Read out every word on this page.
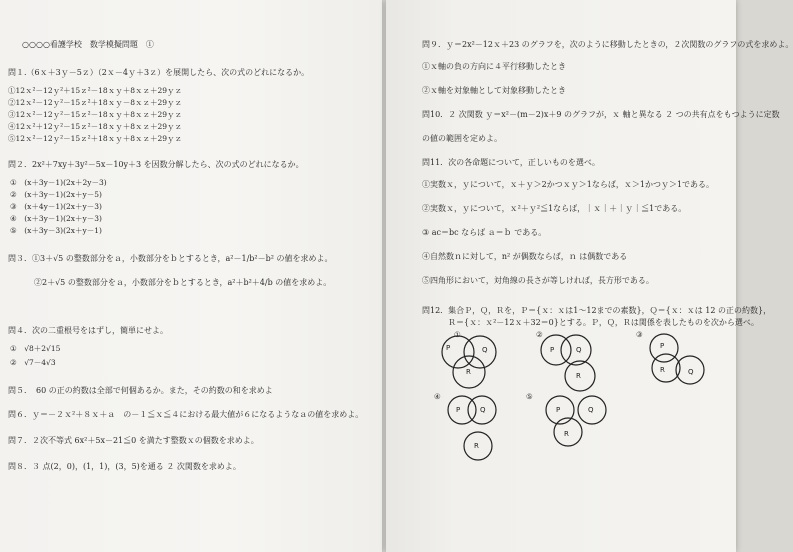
○○○○看護学校　数学模擬問題　①
問１.（6ｘ＋3ｙ－5ｚ）（2ｘ－4ｙ＋3ｚ）を展開したら、次の式のどれになるか。
①12ｘ²－12ｙ²＋15ｚ²－18ｘｙ＋8ｘｚ＋29ｙｚ
②12ｘ²－12ｙ²－15ｚ²＋18ｘｙ－8ｘｚ＋29ｙｚ
③12ｘ²－12ｙ²－15ｚ²－18ｘｙ＋8ｘｚ＋29ｙｚ
④12ｘ²＋12ｙ²－15ｚ²－18ｘｙ＋8ｘｚ＋29ｙｚ
⑤12ｘ²－12ｙ²－15ｚ²＋18ｘｙ＋8ｘｚ＋29ｙｚ
問２．2x²＋7xy＋3y²－5x－10y＋3 を因数分解したら、次の式のどれになるか。
①　(x＋3y－1)(2x＋2y－3)
②　(x＋3y－1)(2x＋y－5)
③　(x＋4y－1)(2x＋y－3)
④　(x＋3y－1)(2x＋y－3)
⑤　(x＋3y－3)(2x＋y－1)
問３．①3＋√5 の整数部分をａ，小数部分をｂとするとき，a²－1/b²－b² の値を求めよ。
②2＋√5 の整数部分をａ，小数部分をｂとするとき，a²＋b²＋4/b の値を求めよ。
問４．次の二重根号をはずし，簡単にせよ。
①　√8＋2√15
②　√7－4√3
問５．　60 の正の約数は全部で何個あるか。また，その約数の和を求めよ
問６．ｙ＝－２ｘ²＋８ｘ＋ａ　の－１≦ｘ≦４における最大値が６になるようなａの値を求めよ。
問７．２次不等式 6x²＋5x－21≦0 を満たす整数ｘの個数を求めよ。
問８．３ 点(2，0)，(1，1)，(3，5)を通る ２ 次関数を求めよ。
問９．ｙ＝2x²－12ｘ＋23 のグラフを，次のように移動したときの，２次関数のグラフの式を求めよ。
①ｘ軸の負の方向に４平行移動したとき
②ｘ軸を対象軸として対象移動したとき
問10．２ 次関数 ｙ＝x²－(m－2)x＋9 のグラフが，ｘ 軸と異なる ２ つの共有点をもつように定数
の値の範囲を定めよ。
問11．次の各命題について，正しいものを選べ。
①実数ｘ，ｙについて，ｘ＋ｙ＞2かつｘｙ＞1ならば，ｘ＞1かつｙ＞1である。
②実数ｘ，ｙについて，ｘ²＋ｙ²≦1ならば，｜ｘ｜＋｜ｙ｜≦1である。
③ ac＝bc ならば ａ＝ｂ である。
④自然数ｎに対して，n² が偶数ならば，ｎ は偶数である
⑤四角形において，対角線の長さが等しければ，長方形である。
問12．集合Ｐ，Ｑ，Ｒを，Ｐ＝{ｘ：ｘは1～12までの素数}，Ｑ＝{ｘ：ｘは 12 の正の約数}，
Ｒ＝{ｘ：ｘ²－12ｘ＋32＝0}とする。Ｐ，Ｑ，Ｒは関係を表したものを次から選べ。
①
P	Q
R
②
P	Q
R
③
P
R	Q
④
P	Q
R
⑤
P	Q
R
